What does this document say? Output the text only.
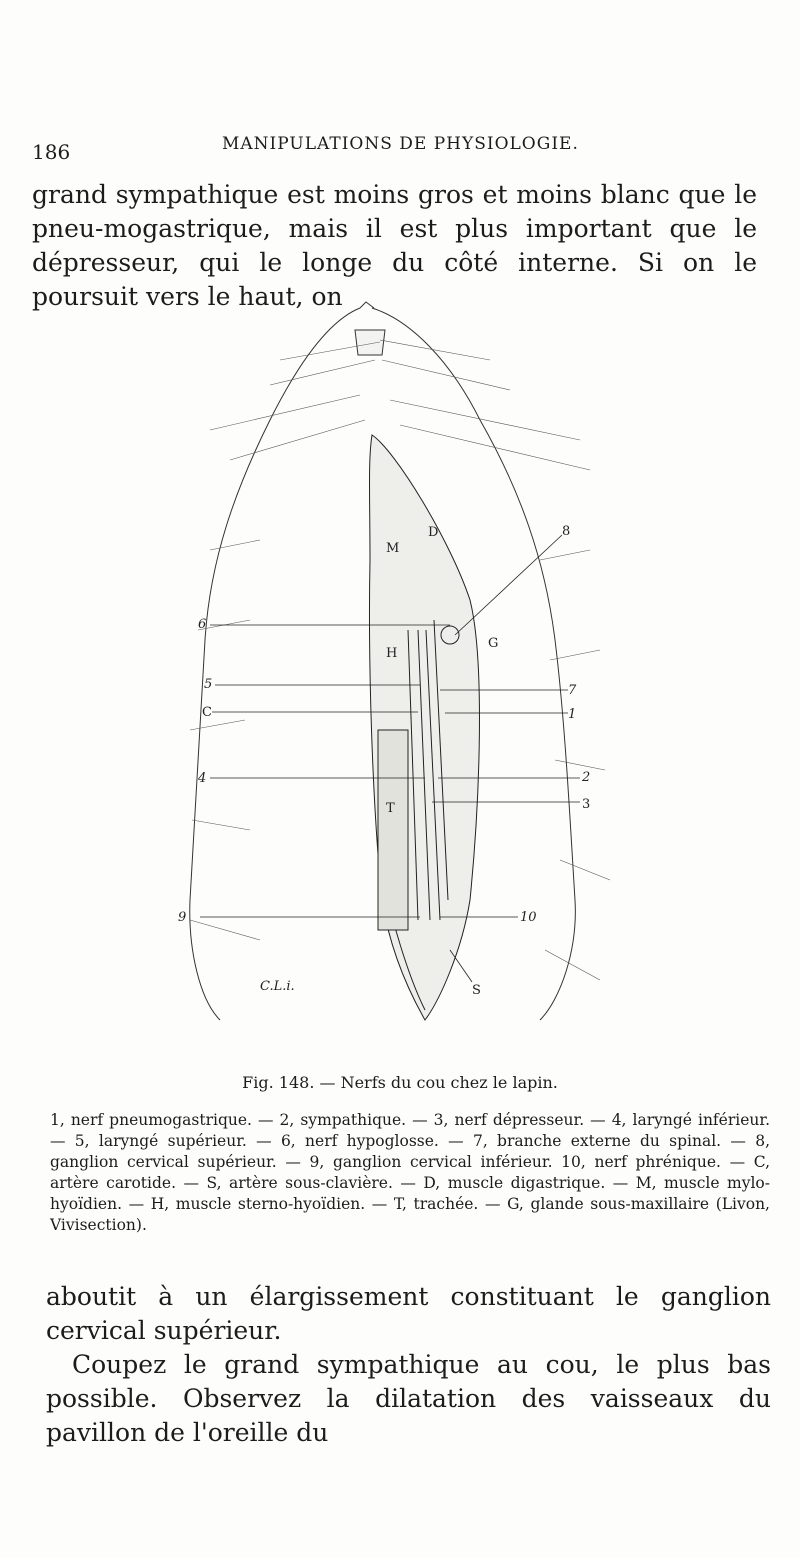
186	MANIPULATIONS DE PHYSIOLOGIE.
grand sympathique est moins gros et moins blanc que le pneu-mogastrique, mais il est plus important que le dépresseur, qui le longe du côté interne. Si on le poursuit vers le haut, on
6
5
C
4
9
8
7
1
2
3
10
S
D
M
H
G
T
C.L.i.
Fig. 148. — Nerfs du cou chez le lapin.
1, nerf pneumogastrique. — 2, sympathique. — 3, nerf dépresseur. — 4, laryngé inférieur. — 5, laryngé supérieur. — 6, nerf hypoglosse. — 7, branche externe du spinal. — 8, ganglion cervical supérieur. — 9, ganglion cervical inférieur. 10, nerf phrénique. — C, artère carotide. — S, artère sous-clavière. — D, muscle digastrique. — M, muscle mylo-hyoïdien. — H, muscle sterno-hyoïdien. — T, trachée. — G, glande sous-maxillaire (Livon, Vivisection).
aboutit à un élargissement constituant le ganglion cervical supérieur.
Coupez le grand sympathique au cou, le plus bas possible. Observez la dilatation des vaisseaux du pavillon de l'oreille du
